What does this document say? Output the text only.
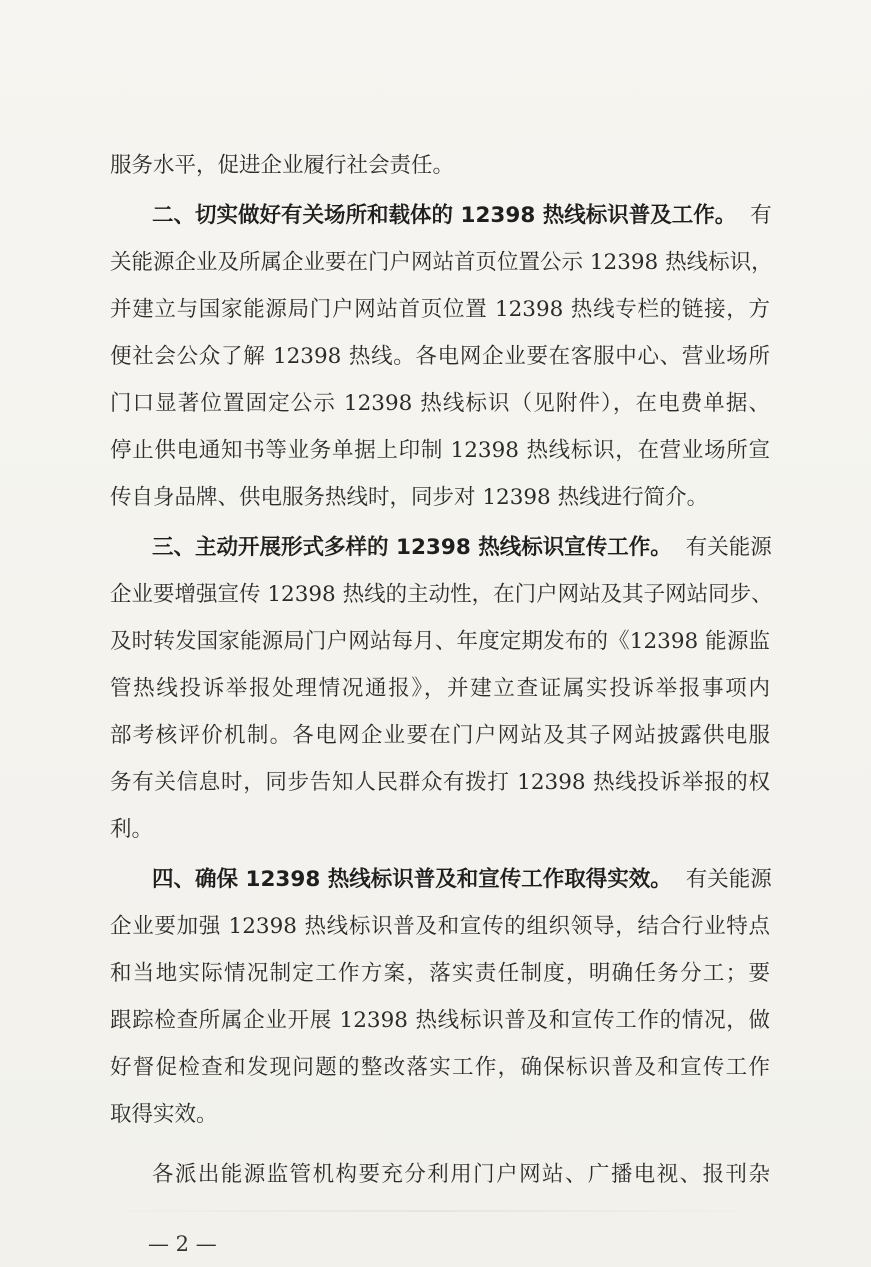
服务水平，促进企业履行社会责任。
二、切实做好有关场所和载体的 12398 热线标识普及工作。 有
关能源企业及所属企业要在门户网站首页位置公示 12398 热线标识，
并建立与国家能源局门户网站首页位置 12398 热线专栏的链接，方
便社会公众了解 12398 热线。各电网企业要在客服中心、营业场所
门口显著位置固定公示 12398 热线标识（见附件），在电费单据、
停止供电通知书等业务单据上印制 12398 热线标识，在营业场所宣
传自身品牌、供电服务热线时，同步对 12398 热线进行简介。
三、主动开展形式多样的 12398 热线标识宣传工作。 有关能源
企业要增强宣传 12398 热线的主动性，在门户网站及其子网站同步、
及时转发国家能源局门户网站每月、年度定期发布的《12398 能源监
管热线投诉举报处理情况通报》，并建立查证属实投诉举报事项内
部考核评价机制。各电网企业要在门户网站及其子网站披露供电服
务有关信息时，同步告知人民群众有拨打 12398 热线投诉举报的权
利。
四、确保 12398 热线标识普及和宣传工作取得实效。 有关能源
企业要加强 12398 热线标识普及和宣传的组织领导，结合行业特点
和当地实际情况制定工作方案，落实责任制度，明确任务分工；要
跟踪检查所属企业开展 12398 热线标识普及和宣传工作的情况，做
好督促检查和发现问题的整改落实工作，确保标识普及和宣传工作
取得实效。
各派出能源监管机构要充分利用门户网站、广播电视、报刊杂
— 2 —
